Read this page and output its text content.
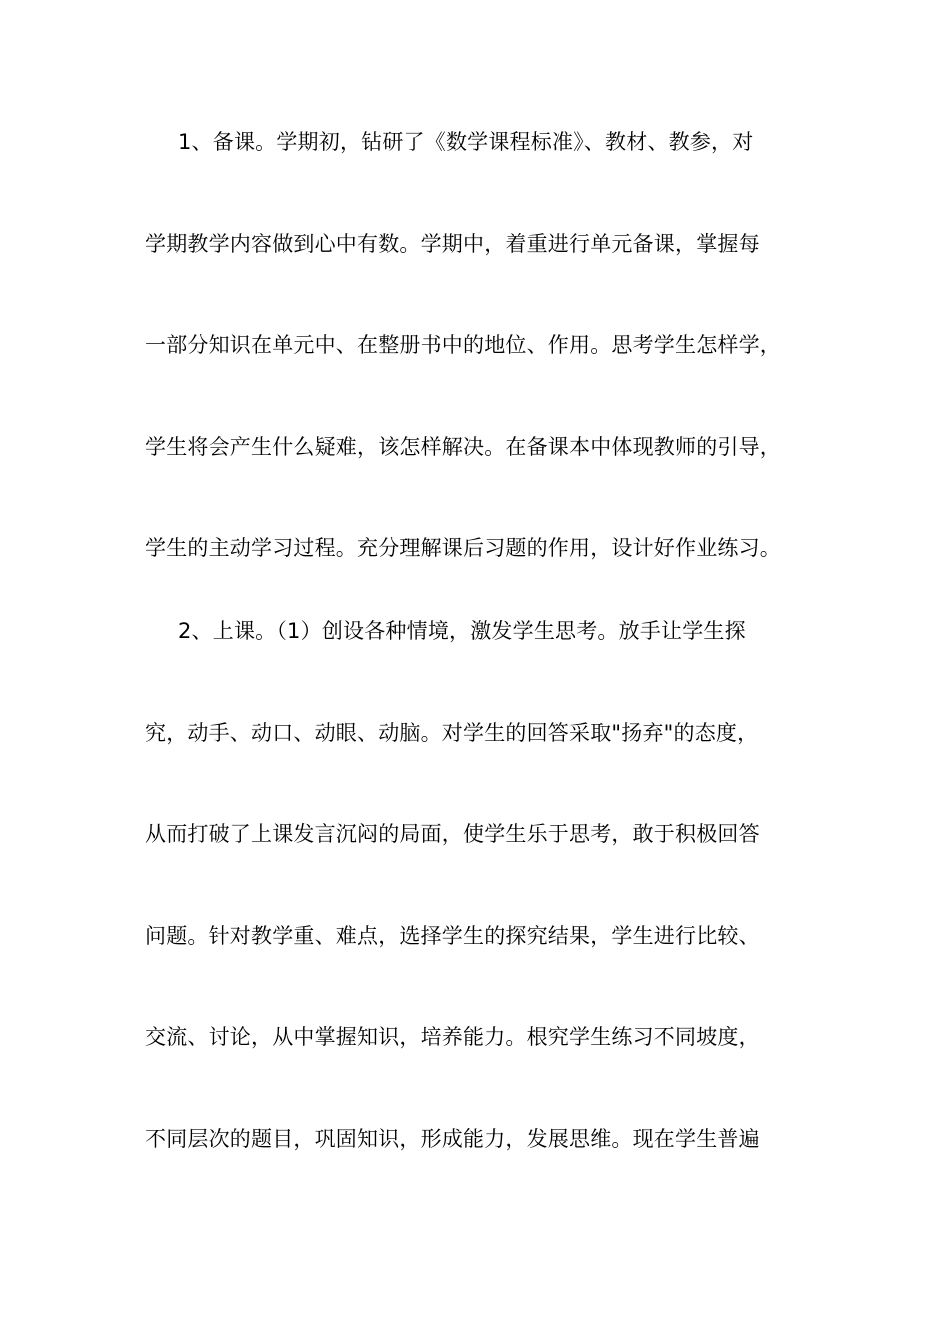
1、备课。学期初，钻研了《数学课程标准》、教材、教参，对
学期教学内容做到心中有数。学期中，着重进行单元备课，掌握每
一部分知识在单元中、在整册书中的地位、作用。思考学生怎样学，
学生将会产生什么疑难，该怎样解决。在备课本中体现教师的引导，
学生的主动学习过程。充分理解课后习题的作用，设计好作业练习。
2、上课。（1）创设各种情境，激发学生思考。放手让学生探
究，动手、动口、动眼、动脑。对学生的回答采取"扬弃"的态度，
从而打破了上课发言沉闷的局面，使学生乐于思考，敢于积极回答
问题。针对教学重、难点，选择学生的探究结果，学生进行比较、
交流、讨论，从中掌握知识，培养能力。根究学生练习不同坡度，
不同层次的题目，巩固知识，形成能力，发展思维。现在学生普遍
